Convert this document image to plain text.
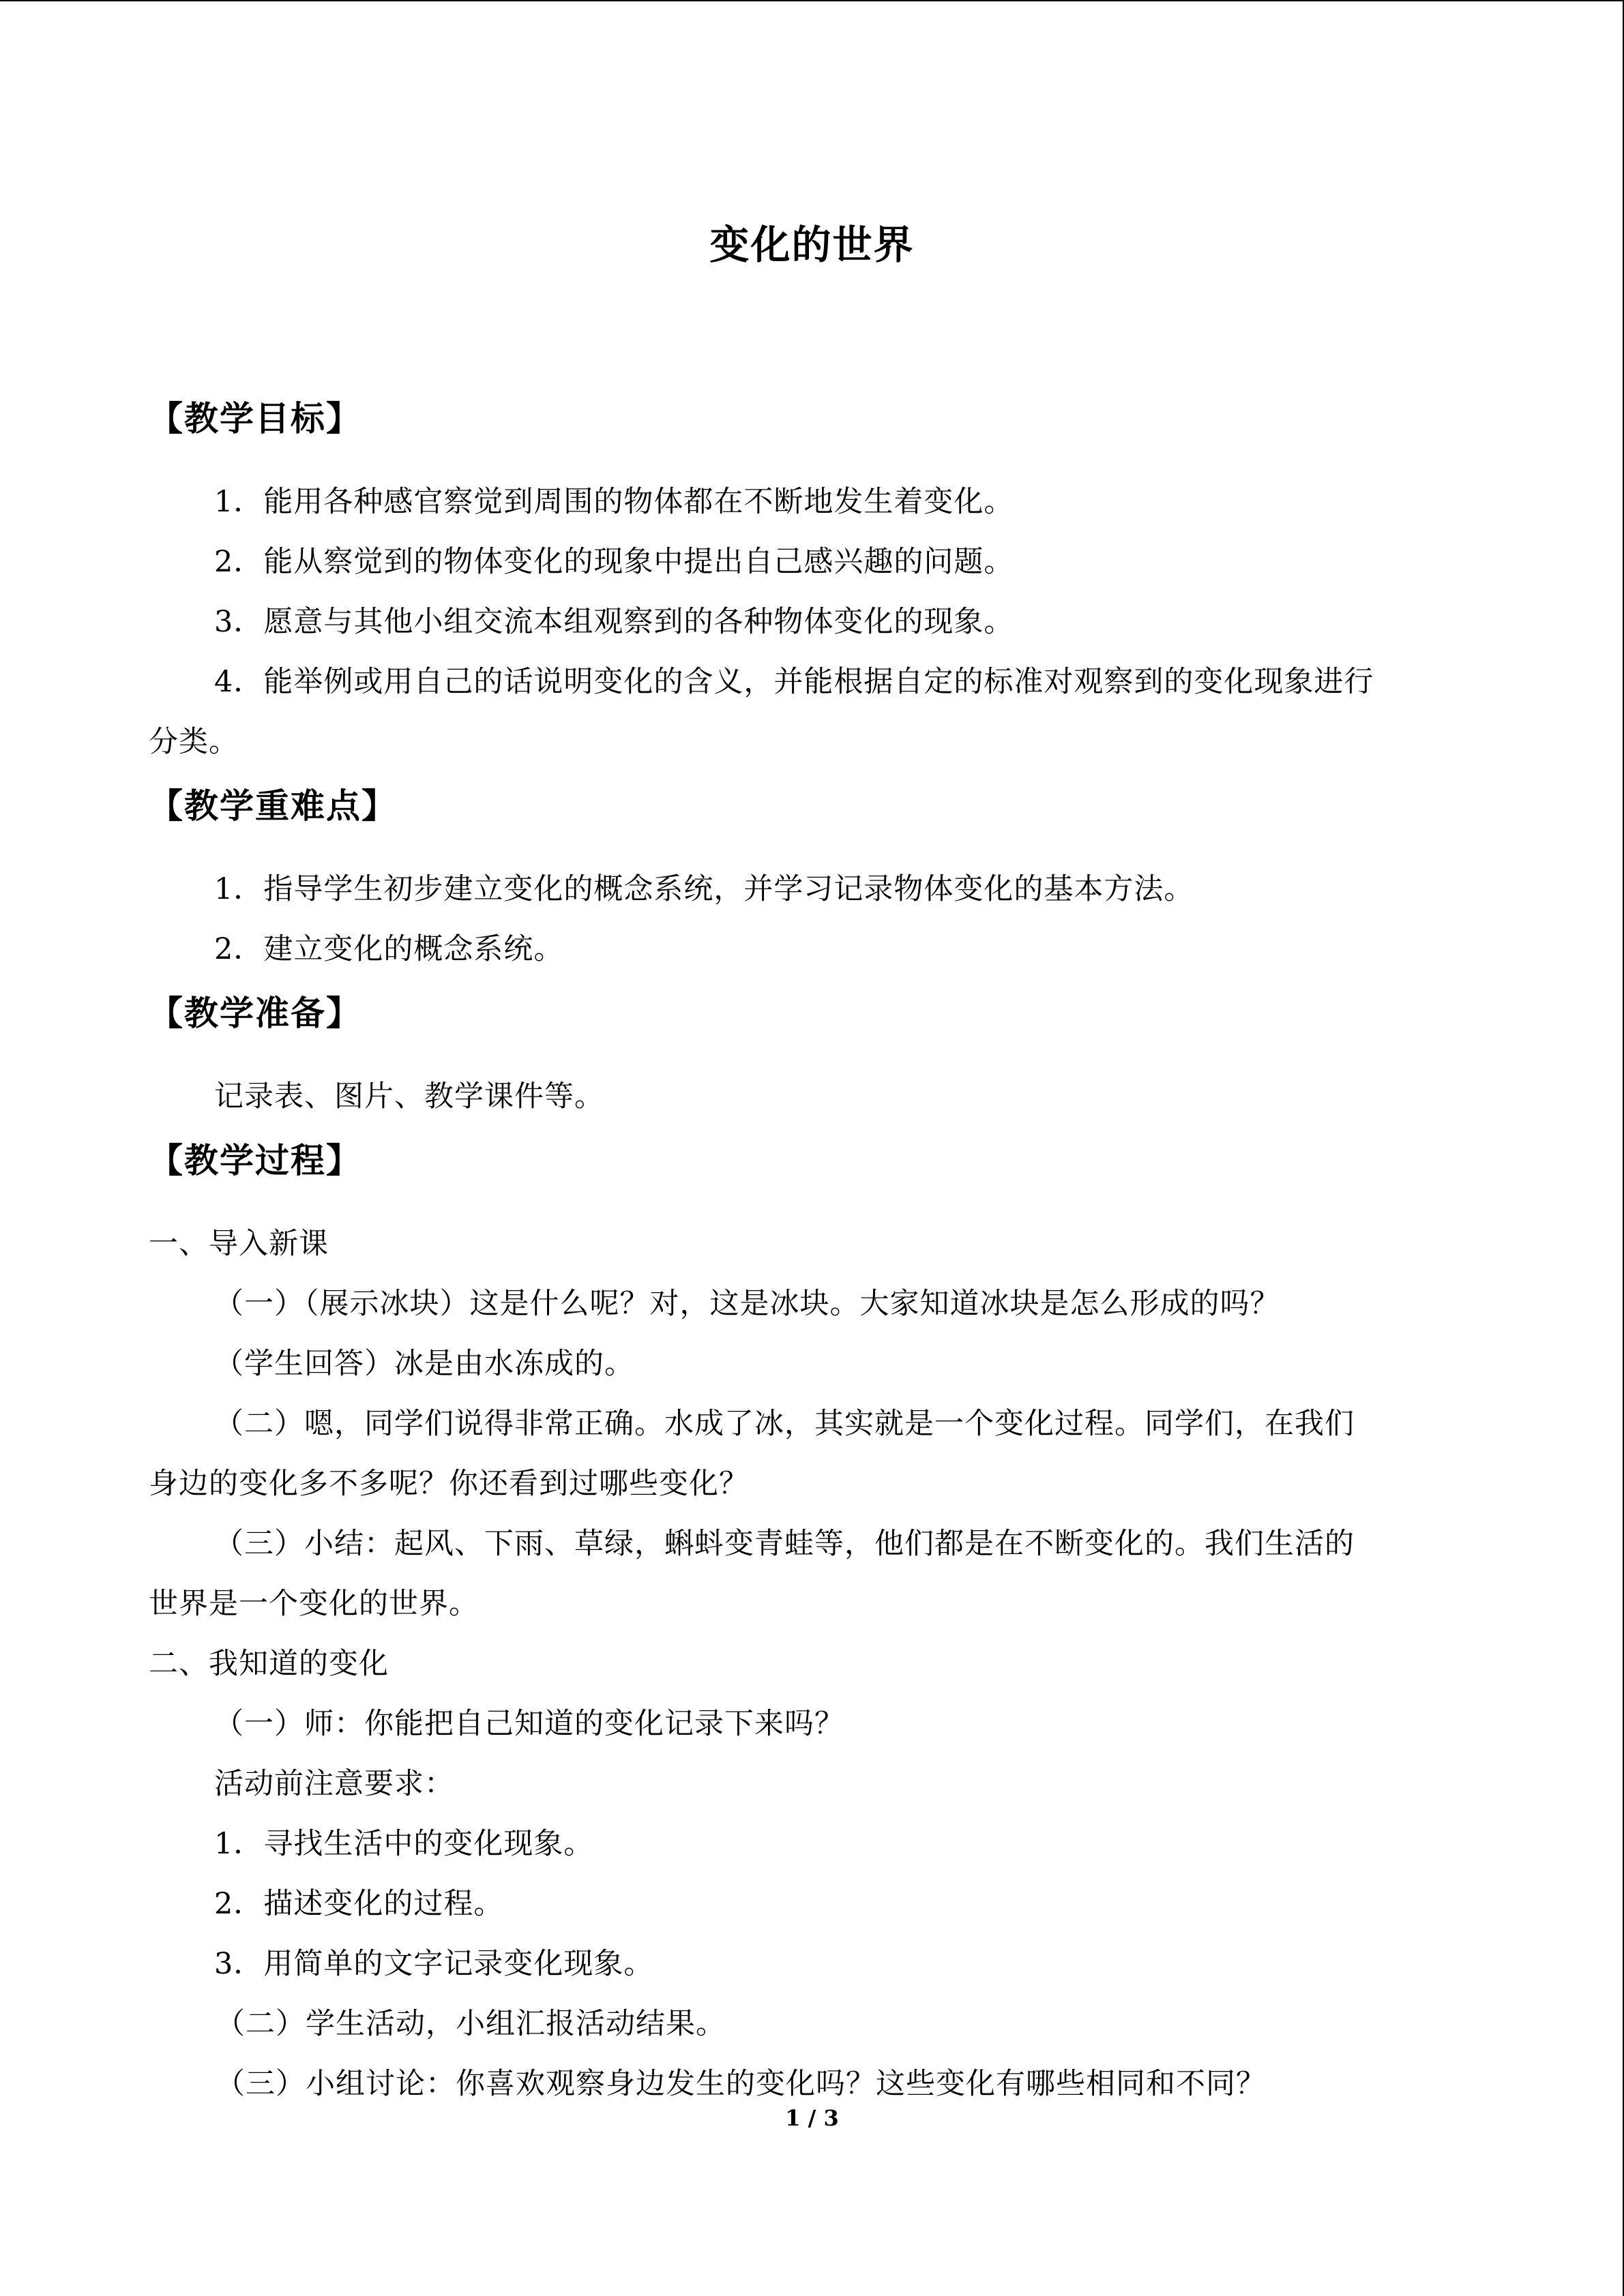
变化的世界
【教学目标】
1．能用各种感官察觉到周围的物体都在不断地发生着变化。
2．能从察觉到的物体变化的现象中提出自己感兴趣的问题。
3．愿意与其他小组交流本组观察到的各种物体变化的现象。
4．能举例或用自己的话说明变化的含义，并能根据自定的标准对观察到的变化现象进行
分类。
【教学重难点】
1．指导学生初步建立变化的概念系统，并学习记录物体变化的基本方法。
2．建立变化的概念系统。
【教学准备】
记录表、图片、教学课件等。
【教学过程】
一、导入新课
（一）（展示冰块）这是什么呢？对，这是冰块。大家知道冰块是怎么形成的吗？
（学生回答）冰是由水冻成的。
（二）嗯，同学们说得非常正确。水成了冰，其实就是一个变化过程。同学们，在我们
身边的变化多不多呢？你还看到过哪些变化？
（三）小结：起风、下雨、草绿，蝌蚪变青蛙等，他们都是在不断变化的。我们生活的
世界是一个变化的世界。
二、我知道的变化
（一）师：你能把自己知道的变化记录下来吗？
活动前注意要求：
1．寻找生活中的变化现象。
2．描述变化的过程。
3．用简单的文字记录变化现象。
（二）学生活动，小组汇报活动结果。
（三）小组讨论：你喜欢观察身边发生的变化吗？这些变化有哪些相同和不同？
1 / 3
